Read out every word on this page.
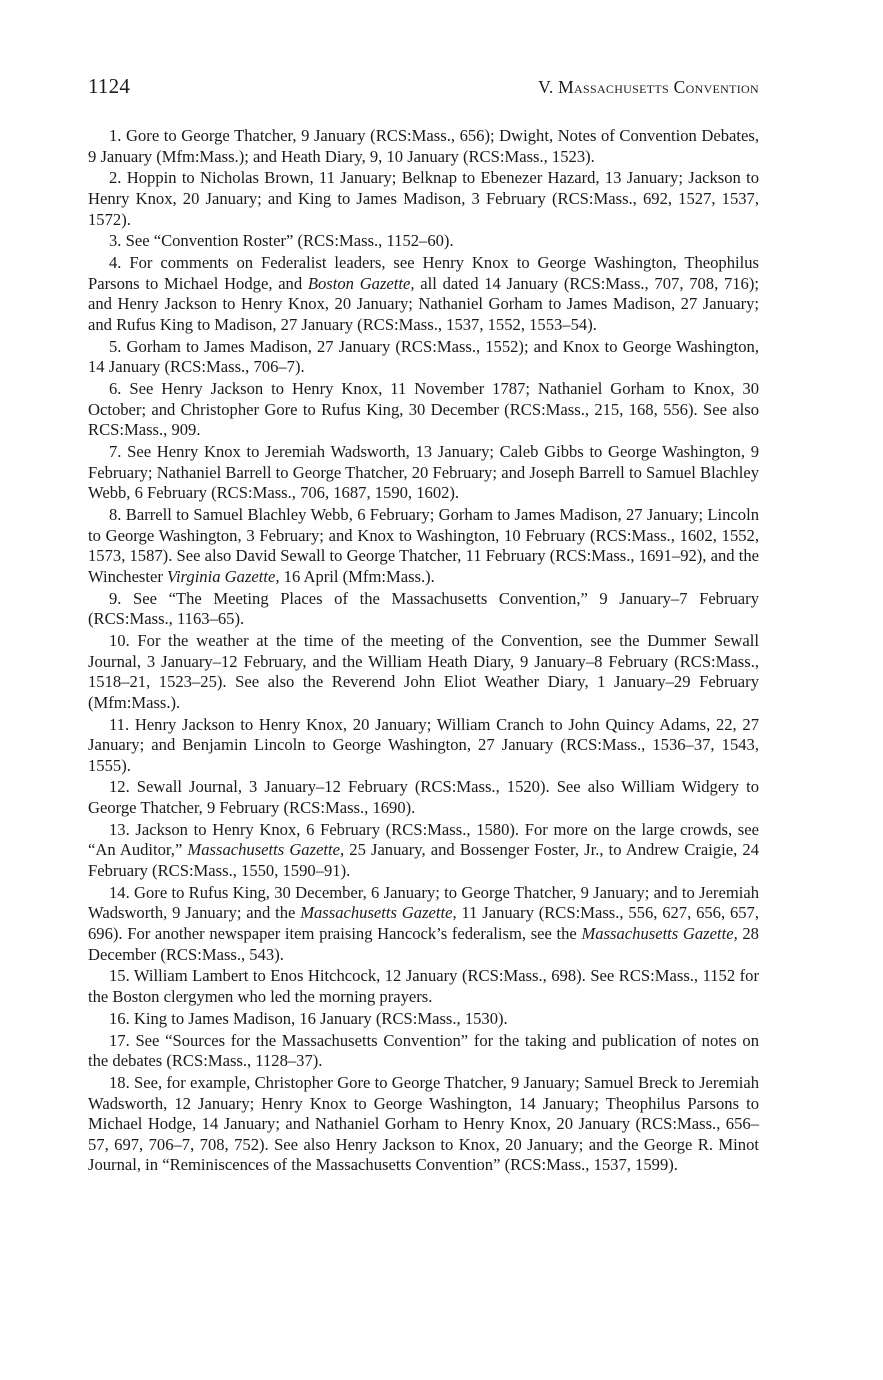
1124	V. Massachusetts Convention

1. Gore to George Thatcher, 9 January (RCS:Mass., 656); Dwight, Notes of Convention Debates, 9 January (Mfm:Mass.); and Heath Diary, 9, 10 January (RCS:Mass., 1523).

2. Hoppin to Nicholas Brown, 11 January; Belknap to Ebenezer Hazard, 13 January; Jackson to Henry Knox, 20 January; and King to James Madison, 3 February (RCS:Mass., 692, 1527, 1537, 1572).

3. See “Convention Roster” (RCS:Mass., 1152–60).

4. For comments on Federalist leaders, see Henry Knox to George Washington, Theophilus Parsons to Michael Hodge, and Boston Gazette, all dated 14 January (RCS:Mass., 707, 708, 716); and Henry Jackson to Henry Knox, 20 January; Nathaniel Gorham to James Madison, 27 January; and Rufus King to Madison, 27 January (RCS:Mass., 1537, 1552, 1553–54).

5. Gorham to James Madison, 27 January (RCS:Mass., 1552); and Knox to George Washington, 14 January (RCS:Mass., 706–7).

6. See Henry Jackson to Henry Knox, 11 November 1787; Nathaniel Gorham to Knox, 30 October; and Christopher Gore to Rufus King, 30 December (RCS:Mass., 215, 168, 556). See also RCS:Mass., 909.

7. See Henry Knox to Jeremiah Wadsworth, 13 January; Caleb Gibbs to George Washington, 9 February; Nathaniel Barrell to George Thatcher, 20 February; and Joseph Barrell to Samuel Blachley Webb, 6 February (RCS:Mass., 706, 1687, 1590, 1602).

8. Barrell to Samuel Blachley Webb, 6 February; Gorham to James Madison, 27 January; Lincoln to George Washington, 3 February; and Knox to Washington, 10 February (RCS:Mass., 1602, 1552, 1573, 1587). See also David Sewall to George Thatcher, 11 February (RCS:Mass., 1691–92), and the Winchester Virginia Gazette, 16 April (Mfm:Mass.).

9. See “The Meeting Places of the Massachusetts Convention,” 9 January–7 February (RCS:Mass., 1163–65).

10. For the weather at the time of the meeting of the Convention, see the Dummer Sewall Journal, 3 January–12 February, and the William Heath Diary, 9 January–8 February (RCS:Mass., 1518–21, 1523–25). See also the Reverend John Eliot Weather Diary, 1 January–29 February (Mfm:Mass.).

11. Henry Jackson to Henry Knox, 20 January; William Cranch to John Quincy Adams, 22, 27 January; and Benjamin Lincoln to George Washington, 27 January (RCS:Mass., 1536–37, 1543, 1555).

12. Sewall Journal, 3 January–12 February (RCS:Mass., 1520). See also William Widgery to George Thatcher, 9 February (RCS:Mass., 1690).

13. Jackson to Henry Knox, 6 February (RCS:Mass., 1580). For more on the large crowds, see “An Auditor,” Massachusetts Gazette, 25 January, and Bossenger Foster, Jr., to Andrew Craigie, 24 February (RCS:Mass., 1550, 1590–91).

14. Gore to Rufus King, 30 December, 6 January; to George Thatcher, 9 January; and to Jeremiah Wadsworth, 9 January; and the Massachusetts Gazette, 11 January (RCS:Mass., 556, 627, 656, 657, 696). For another newspaper item praising Hancock’s federalism, see the Massachusetts Gazette, 28 December (RCS:Mass., 543).

15. William Lambert to Enos Hitchcock, 12 January (RCS:Mass., 698). See RCS:Mass., 1152 for the Boston clergymen who led the morning prayers.

16. King to James Madison, 16 January (RCS:Mass., 1530).

17. See “Sources for the Massachusetts Convention” for the taking and publication of notes on the debates (RCS:Mass., 1128–37).

18. See, for example, Christopher Gore to George Thatcher, 9 January; Samuel Breck to Jeremiah Wadsworth, 12 January; Henry Knox to George Washington, 14 January; Theophilus Parsons to Michael Hodge, 14 January; and Nathaniel Gorham to Henry Knox, 20 January (RCS:Mass., 656–57, 697, 706–7, 708, 752). See also Henry Jackson to Knox, 20 January; and the George R. Minot Journal, in “Reminiscences of the Massachusetts Convention” (RCS:Mass., 1537, 1599).
